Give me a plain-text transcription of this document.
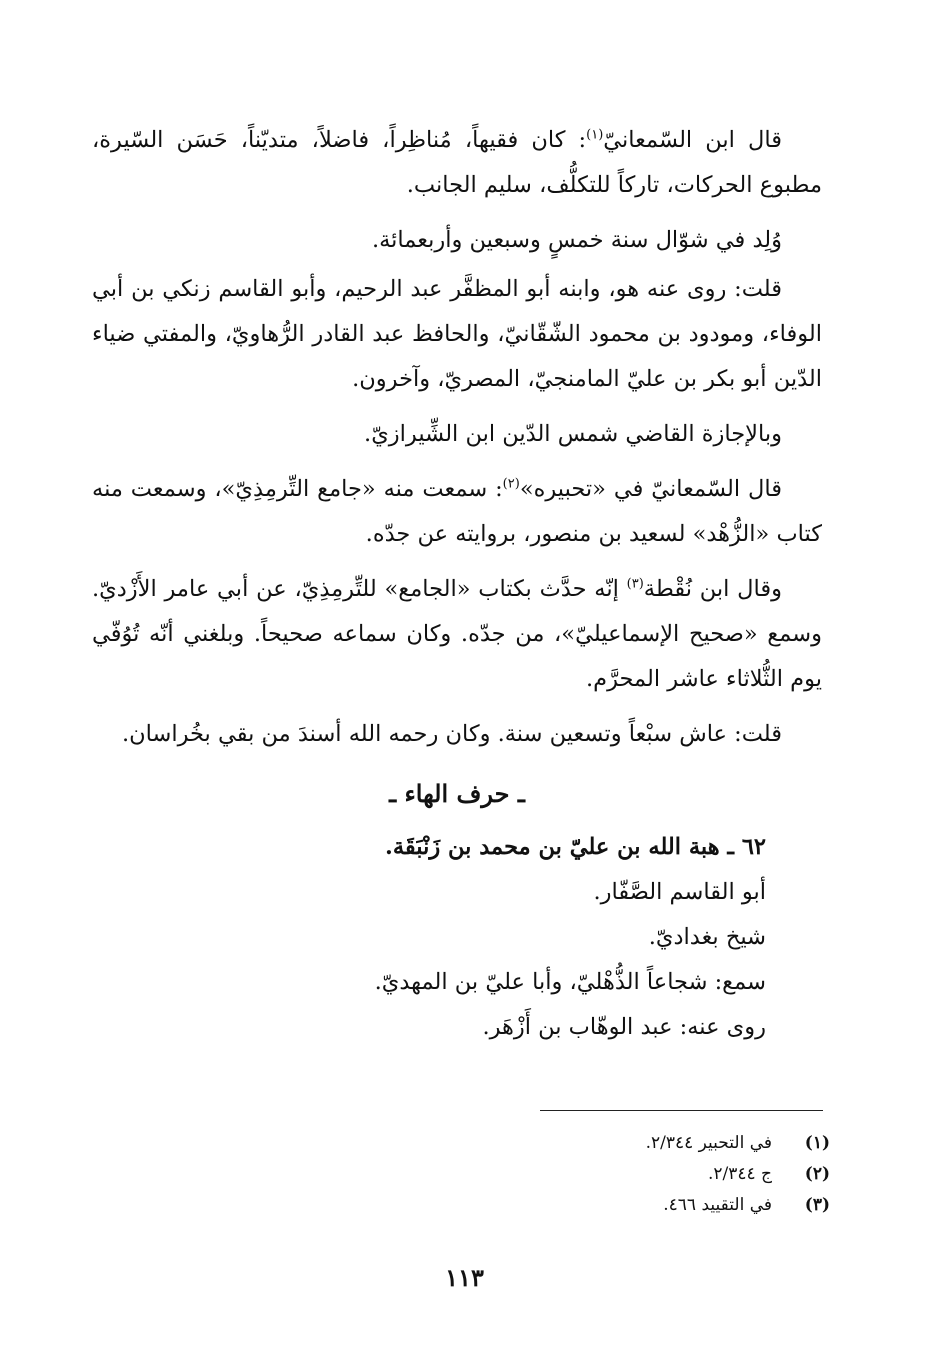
قال ابن السّمعانيّ$^{(١)}$: كان فقيهاً، مُناظِراً، فاضلاً، متديّناً، حَسَن السّيرة، مطبوع الحركات، تاركاً للتكلُّف، سليم الجانب.

وُلِد في شوّال سنة خمسٍ وسبعين وأربعمائة.

قلت: روى عنه هو، وابنه أبو المظفَّر عبد الرحيم، وأبو القاسم زنكي بن أبي الوفاء، ومودود بن محمود الشّقّانيّ، والحافظ عبد القادر الرُّهاويّ، والمفتي ضياء الدّين أبو بكر بن عليّ المامنجيّ، المصريّ، وآخرون.

وبالإجازة القاضي شمس الدّين ابن الشِّيرازيّ.

قال السّمعانيّ في «تحبيره»$^{(٢)}$: سمعت منه «جامع التِّرمِذِيّ»، وسمعت منه كتاب «الزُّهْد» لسعيد بن منصور، بروايته عن جدّه.

وقال ابن نُقْطة$^{(٣)}$ إنّه حدَّث بكتاب «الجامع» للتِّرمِذِيّ، عن أبي عامر الأَزْديّ. وسمع «صحيح الإسماعيليّ»، من جدّه. وكان سماعه صحيحاً. وبلغني أنّه تُوُفّي يوم الثُّلاثاء عاشر المحرَّم.

قلت: عاش سبْعاً وتسعين سنة. وكان رحمه الله أسندَ من بقي بخُراسان.

ـ حرف الهاء ـ
٦٢ ـ هبة الله بن عليّ بن محمد بن زَنْبَقَة.
أبو القاسم الصَّفّار.
شيخ بغداديّ.
سمع: شجاعاً الذُّهْليّ، وأبا عليّ بن المهديّ.
روى عنه: عبد الوهّاب بن أَزْهَر.
(١)
في التحبير ٢/٣٤٤.
(٢)
ج ٢/٣٤٤.
(٣)
في التقييد ٤٦٦.
١١٣
